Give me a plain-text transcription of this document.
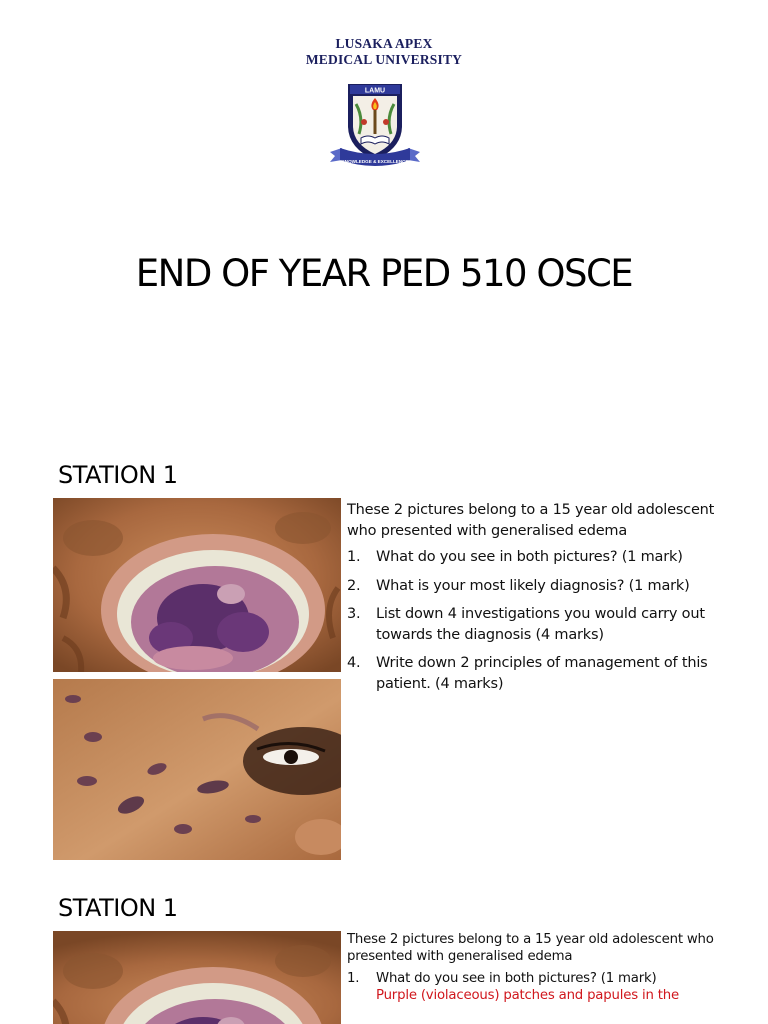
LUSAKA APEX
MEDICAL UNIVERSITY
LAMU
KNOWLEDGE & EXCELLENCE
END OF YEAR PED 510 OSCE
STATION 1
These 2 pictures belong to a 15 year old adolescent who presented with generalised edema
1.	What do you see in both pictures? (1 mark)
2.	What is your most likely diagnosis? (1 mark)
3.	List down 4 investigations you would carry out towards the diagnosis (4 marks)
4.	Write down 2 principles of management of this patient. (4 marks)
STATION 1
These 2 pictures belong to a 15 year old adolescent who presented with generalised edema
1.	What do you see in both pictures? (1 mark)
Purple (violaceous) patches and papules in the
